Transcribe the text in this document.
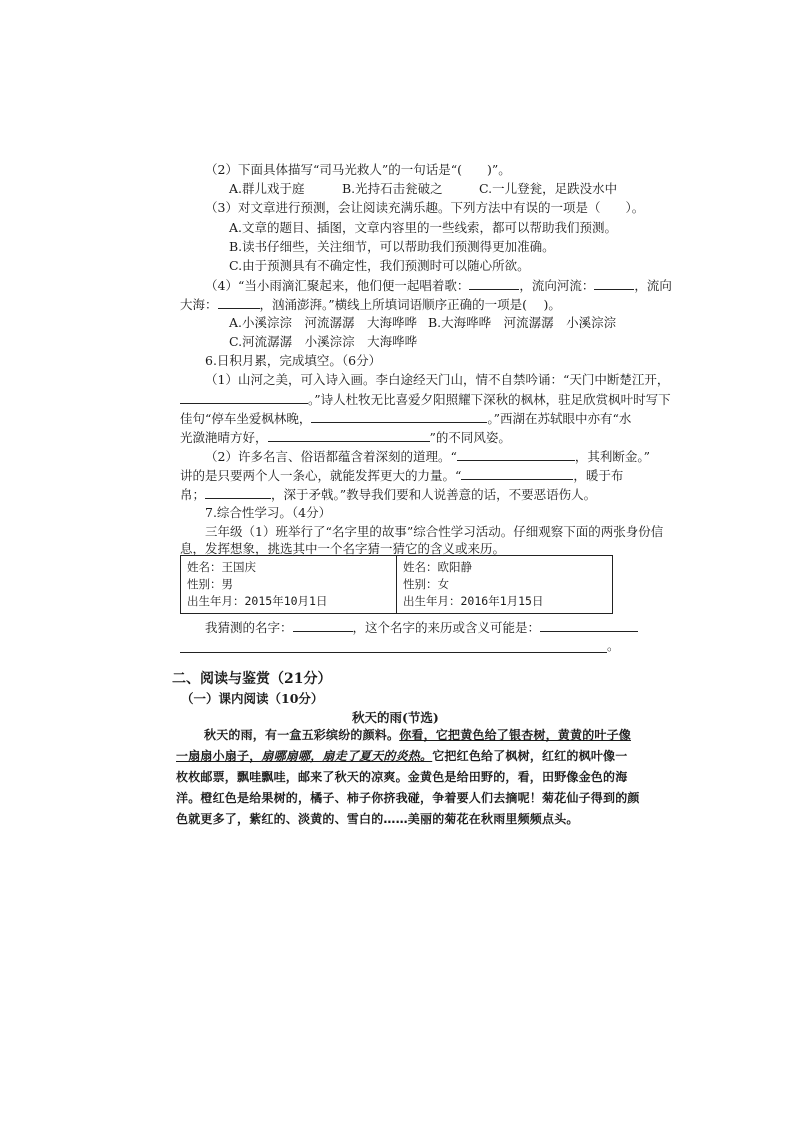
（2）下面具体描写“司马光救人”的一句话是“(　　)”。
A.群儿戏于庭	B.光持石击瓮破之	C.一儿登瓮，足跌没水中
（3）对文章进行预测，会让阅读充满乐趣。下列方法中有误的一项是（　　）。
A.文章的题目、插图，文章内容里的一些线索，都可以帮助我们预测。
B.读书仔细些，关注细节，可以帮助我们预测得更加准确。
C.由于预测具有不确定性，我们预测时可以随心所欲。
（4）“当小雨滴汇聚起来，他们便一起唱着歌：	，流向河流：	，流向
大海：	，汹涌澎湃。”横线上所填词语顺序正确的一项是(　 )。
A.小溪淙淙　河流潺潺　大海哗哗 B.大海哗哗　河流潺潺　小溪淙淙
C.河流潺潺　小溪淙淙　大海哗哗
6.日积月累，完成填空。（6分）
（1）山河之美，可入诗入画。李白途经天门山，情不自禁吟诵：“天门中断楚江开，
。”诗人杜牧无比喜爱夕阳照耀下深秋的枫林，驻足欣赏枫叶时写下
佳句“停车坐爱枫林晚，	。”西湖在苏轼眼中亦有“水
光潋滟晴方好，	”的不同风姿。
（2）许多名言、俗语都蕴含着深刻的道理。“	，其利断金。”
讲的是只要两个人一条心，就能发挥更大的力量。“	，暖于布
帛；	，深于矛戟。”教导我们要和人说善意的话，不要恶语伤人。
7.综合性学习。（4分）
三年级（1）班举行了“名字里的故事”综合性学习活动。仔细观察下面的两张身份信
息，发挥想象，挑选其中一个名字猜一猜它的含义或来历。
姓名：王国庆
性别：男
出生年月：2015年10月1日

姓名：欧阳静
性别：女
出生年月：2016年1月15日
我猜测的名字：	，这个名字的来历或含义可能是：
。
二、阅读与鉴赏（21分）
（一）课内阅读（10分）
秋天的雨(节选)
秋天的雨，有一盒五彩缤纷的颜料。你看，它把黄色给了银杏树，黄黄的叶子像
一扇扇小扇子，扇哪扇哪，扇走了夏天的炎热。它把红色给了枫树，红红的枫叶像一
枚枚邮票，飘哇飘哇，邮来了秋天的凉爽。金黄色是给田野的，看，田野像金色的海
洋。橙红色是给果树的，橘子、柿子你挤我碰，争着要人们去摘呢！菊花仙子得到的颜
色就更多了，紫红的、淡黄的、雪白的……美丽的菊花在秋雨里频频点头。
